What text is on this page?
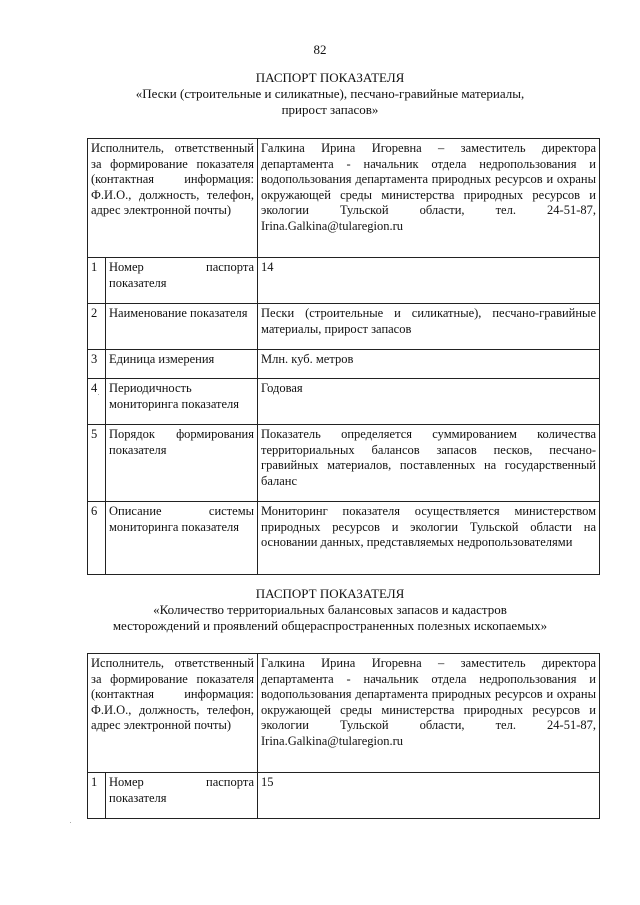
82
ПАСПОРТ ПОКАЗАТЕЛЯ
«Пески (строительные и силикатные), песчано-гравийные материалы,
прирост запасов»
Исполнитель, ответственный за формирование показателя (контактная информация: Ф.И.О., должность, телефон, адрес электронной почты)		Галкина Ирина Игоревна – заместитель директора департамента - начальник отдела недропользования и водопользования департамента природных ресурсов и охраны окружающей среды министерства природных ресурсов и экологии Тульской области, тел. 24-51-87, Irina.Galkina@tularegion.ru
1	Номер паспорта показателя	14
2	Наименование показателя	Пески (строительные и силикатные), песчано-гравийные материалы, прирост запасов
3	Единица измерения	Млн. куб. метров
4	Периодичность мониторинга показателя	Годовая
5	Порядок формирования показателя	Показатель определяется суммированием количества территориальных балансов запасов песков, песчано-гравийных материалов, поставленных на государственный баланс
6	Описание системы мониторинга показателя	Мониторинг показателя осуществляется министерством природных ресурсов и экологии Тульской области на основании данных, представляемых недропользователями
ПАСПОРТ ПОКАЗАТЕЛЯ
«Количество территориальных балансовых запасов и кадастров
месторождений и проявлений общераспространенных полезных ископаемых»
Исполнитель, ответственный за формирование показателя (контактная информация: Ф.И.О., должность, телефон, адрес электронной почты)		Галкина Ирина Игоревна – заместитель директора департамента - начальник отдела недропользования и водопользования департамента природных ресурсов и охраны окружающей среды министерства природных ресурсов и экологии Тульской области, тел. 24-51-87, Irina.Galkina@tularegion.ru
1	Номер паспорта показателя	15
